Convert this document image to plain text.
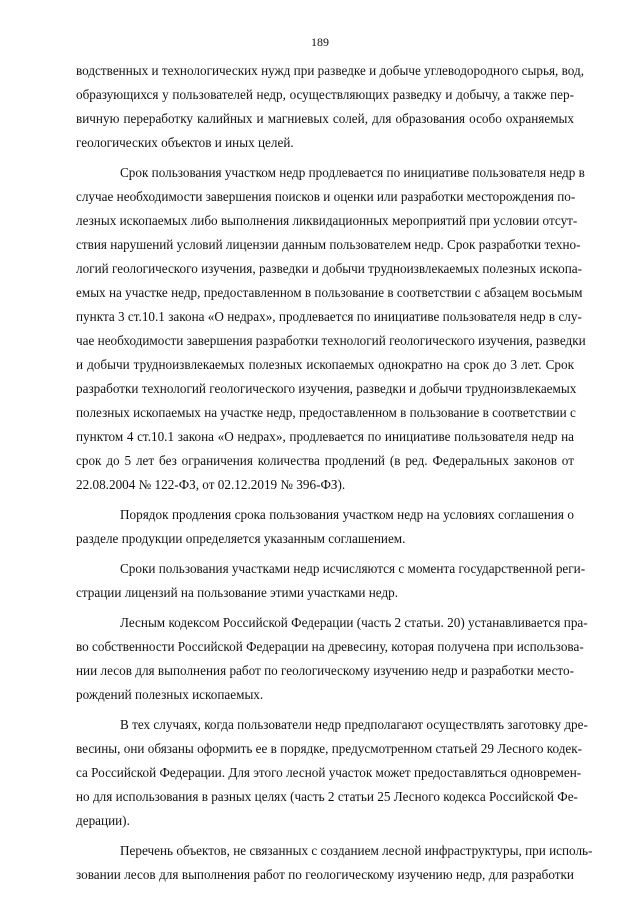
189
водственных и технологических нужд при разведке и добыче углеводородного сырья, вод,
образующихся у пользователей недр, осуществляющих разведку и добычу, а также пер-
вичную переработку калийных и магниевых солей, для образования особо охраняемых
геологических объектов и иных целей.
Срок пользования участком недр продлевается по инициативе пользователя недр в
случае необходимости завершения поисков и оценки или разработки месторождения по-
лезных ископаемых либо выполнения ликвидационных мероприятий при условии отсут-
ствия нарушений условий лицензии данным пользователем недр. Срок разработки техно-
логий геологического изучения, разведки и добычи трудноизвлекаемых полезных ископа-
емых на участке недр, предоставленном в пользование в соответствии с абзацем восьмым
пункта 3 ст.10.1 закона «О недрах», продлевается по инициативе пользователя недр в слу-
чае необходимости завершения разработки технологий геологического изучения, разведки
и добычи трудноизвлекаемых полезных ископаемых однократно на срок до 3 лет. Срок
разработки технологий геологического изучения, разведки и добычи трудноизвлекаемых
полезных ископаемых на участке недр, предоставленном в пользование в соответствии с
пунктом 4 ст.10.1 закона «О недрах», продлевается по инициативе пользователя недр на
срок до 5 лет без ограничения количества продлений (в ред. Федеральных законов от
22.08.2004 № 122-ФЗ, от 02.12.2019 № 396-ФЗ).
Порядок продления срока пользования участком недр на условиях соглашения о
разделе продукции определяется указанным соглашением.
Сроки пользования участками недр исчисляются с момента государственной реги-
страции лицензий на пользование этими участками недр.
Лесным кодексом Российской Федерации (часть 2 статьи. 20) устанавливается пра-
во собственности Российской Федерации на древесину, которая получена при использова-
нии лесов для выполнения работ по геологическому изучению недр и разработки место-
рождений полезных ископаемых.
В тех случаях, когда пользователи недр предполагают осуществлять заготовку дре-
весины, они обязаны оформить ее в порядке, предусмотренном статьей 29 Лесного кодек-
са Российской Федерации. Для этого лесной участок может предоставляться одновремен-
но для использования в разных целях (часть 2 статьи 25 Лесного кодекса Российской Фе-
дерации).
Перечень объектов, не связанных с созданием лесной инфраструктуры, при исполь-
зовании лесов для выполнения работ по геологическому изучению недр, для разработки
